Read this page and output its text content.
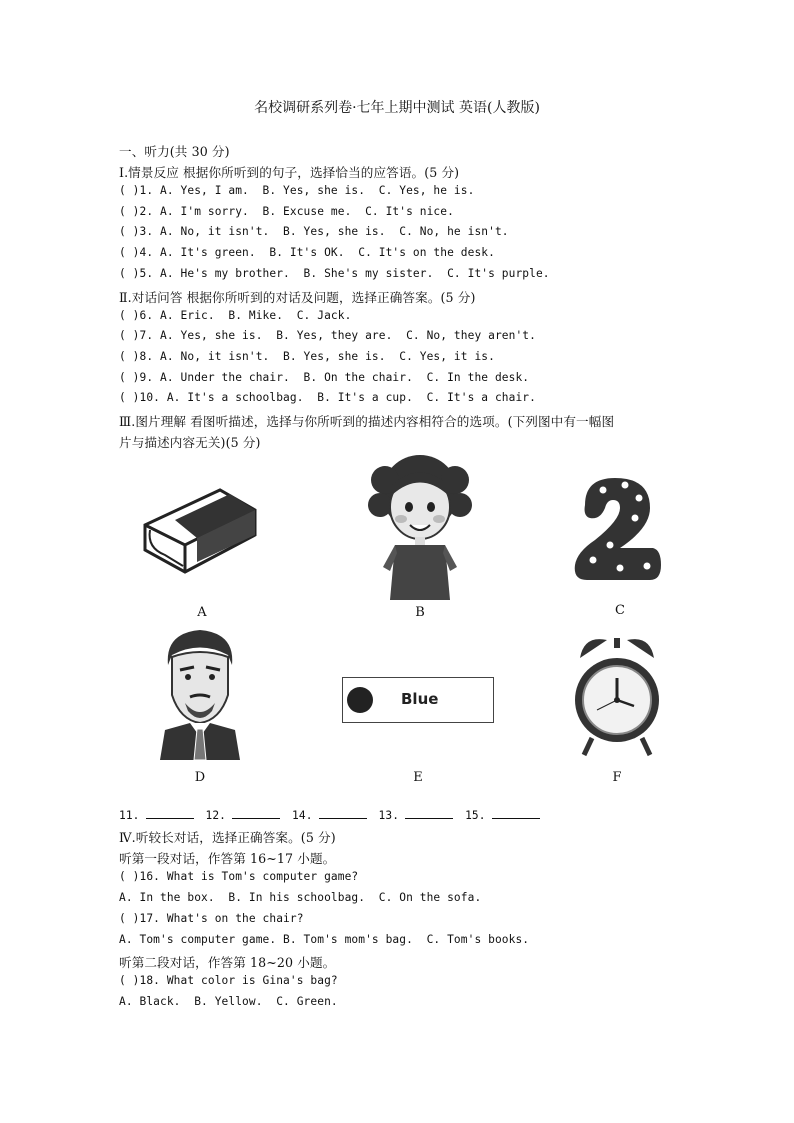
名校调研系列卷·七年上期中测试 英语(人教版)
一、听力(共 30 分)
Ⅰ.情景反应 根据你所听到的句子，选择恰当的应答语。(5 分)
( )1. A. Yes, I am.  B. Yes, she is.  C. Yes, he is.
( )2. A. I'm sorry.  B. Excuse me.  C. It's nice.
( )3. A. No, it isn't.  B. Yes, she is.  C. No, he isn't.
( )4. A. It's green.  B. It's OK.  C. It's on the desk.
( )5. A. He's my brother.  B. She's my sister.  C. It's purple.
Ⅱ.对话问答 根据你所听到的对话及问题，选择正确答案。(5 分)
( )6. A. Eric.  B. Mike.  C. Jack.
( )7. A. Yes, she is.  B. Yes, they are.  C. No, they aren't.
( )8. A. No, it isn't.  B. Yes, she is.  C. Yes, it is.
( )9. A. Under the chair.  B. On the chair.  C. In the desk.
( )10. A. It's a schoolbag.  B. It's a cup.  C. It's a chair.
Ⅲ.图片理解 看图听描述，选择与你所听到的描述内容相符合的选项。(下列图中有一幅图
片与描述内容无关)(5 分)
A	B	C
D
Blue
E	F
11.	12.	14.	13.	15.
Ⅳ.听较长对话，选择正确答案。(5 分)
听第一段对话，作答第 16~17 小题。
( )16. What is Tom's computer game?
A. In the box.  B. In his schoolbag.  C. On the sofa.
( )17. What's on the chair?
A. Tom's computer game. B. Tom's mom's bag.  C. Tom's books.
听第二段对话，作答第 18~20 小题。
( )18. What color is Gina's bag?
A. Black.  B. Yellow.  C. Green.
